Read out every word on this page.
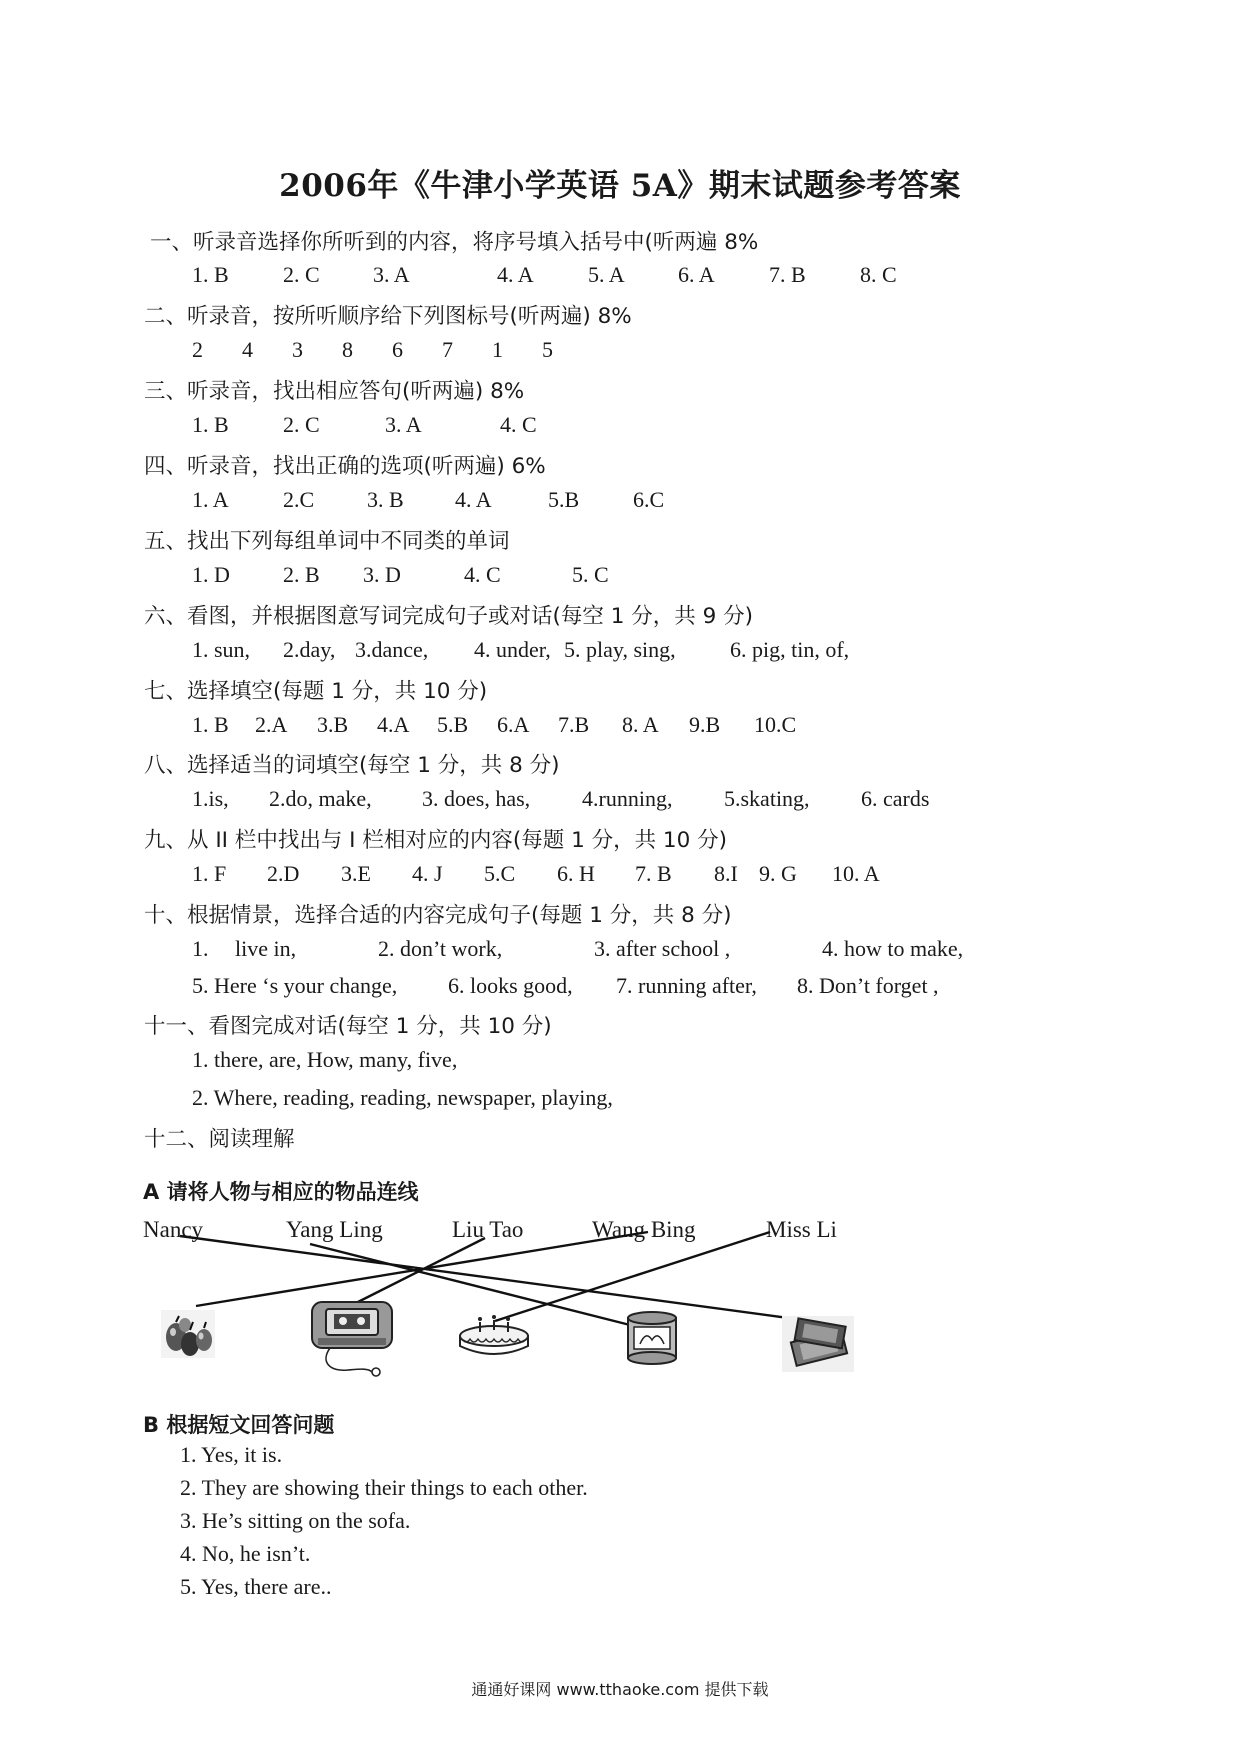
2006年《牛津小学英语 5A》期末试题参考答案
一、听录音选择你所听到的内容，将序号填入括号中(听两遍 8%
1. B 2. C 3. A	4. A 5. A 6. A 7. B 8. C
二、听录音，按所听顺序给下列图标号(听两遍) 8%
2 4 3 8 6 7 1 5
三、听录音，找出相应答句(听两遍) 8%
1. B 2. C	3. A	4. C
四、听录音，找出正确的选项(听两遍) 6%
1. A 2.C 3. B 4. A	5.B 6.C
五、找出下列每组单词中不同类的单词
1. D 2. B 3. D	4. C	5. C
六、看图，并根据图意写词完成句子或对话(每空 1 分，共 9 分)
1. sun, 2.day, 3.dance, 4. under, 5. play, sing, 6. pig, tin, of,
七、选择填空(每题 1 分，共 10 分)
1. B 2.A 3.B 4.A 5.B 6.A 7.B 8. A 9.B 10.C
八、选择适当的词填空(每空 1 分，共 8 分)
1.is, 2.do, make, 3. does, has, 4.running, 5.skating, 6. cards
九、从 II 栏中找出与 I 栏相对应的内容(每题 1 分，共 10 分)
1. F 2.D 3.E 4. J 5.C 6. H 7. B 8.I 9. G 10. A
十、根据情景，选择合适的内容完成句子(每题 1 分，共 8 分)
1. live in,	2. don’t work,	3. after school ,	4. how to make,
5. Here ‘s your change, 6. looks good, 7. running after, 8. Don’t forget ,
十一、看图完成对话(每空 1 分，共 10 分)
1. there, are, How, many, five,
2. Where, reading, reading, newspaper, playing,
十二、阅读理解
A 请将人物与相应的物品连线
Nancy	Yang Ling	Liu Tao	Wang Bing	Miss Li
B 根据短文回答问题
1. Yes, it is.
2. They are showing their things to each other.
3. He’s sitting on the sofa.
4. No, he isn’t.
5. Yes, there are..
通通好课网 www.tthaoke.com 提供下载
